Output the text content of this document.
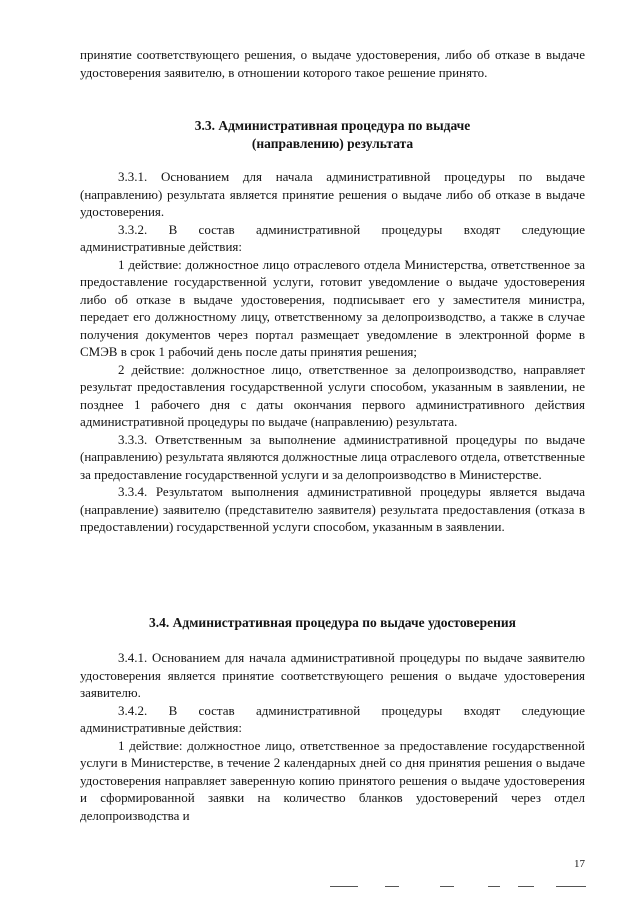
принятие соответствующего решения, о выдаче удостоверения, либо об отказе в выдаче удостоверения заявителю, в отношении которого такое решение принято.

3.3. Административная процедура по выдаче
(направлению) результата

3.3.1. Основанием для начала административной процедуры по выдаче (направлению) результата является принятие решения о выдаче либо об отказе в выдаче удостоверения.

3.3.2. В состав административной процедуры входят следующие административные действия:

1 действие: должностное лицо отраслевого отдела Министерства, ответственное за предоставление государственной услуги, готовит уведомление о выдаче удостоверения либо об отказе в выдаче удостоверения, подписывает его у заместителя министра, передает его должностному лицу, ответственному за делопроизводство, а также в случае получения документов через портал размещает уведомление в электронной форме в СМЭВ в срок 1 рабочий день после даты принятия решения;

2 действие: должностное лицо, ответственное за делопроизводство, направляет результат предоставления государственной услуги способом, указанным в заявлении, не позднее 1 рабочего дня с даты окончания первого административного действия административной процедуры по выдаче (направлению) результата.

3.3.3. Ответственным за выполнение административной процедуры по выдаче (направлению) результата являются должностные лица отраслевого отдела, ответственные за предоставление государственной услуги и за делопроизводство в Министерстве.

3.3.4. Результатом выполнения административной процедуры является выдача (направление) заявителю (представителю заявителя) результата предоставления (отказа в предоставлении) государственной услуги способом, указанным в заявлении.

3.4. Административная процедура по выдаче удостоверения

3.4.1. Основанием для начала административной процедуры по выдаче заявителю удостоверения является принятие соответствующего решения о выдаче удостоверения заявителю.

3.4.2. В состав административной процедуры входят следующие административные действия:

1 действие: должностное лицо, ответственное за предоставление государственной услуги в Министерстве, в течение 2 календарных дней со дня принятия решения о выдаче удостоверения направляет заверенную копию принятого решения о выдаче удостоверения и сформированной заявки на количество бланков удостоверений через отдел делопроизводства и

17
